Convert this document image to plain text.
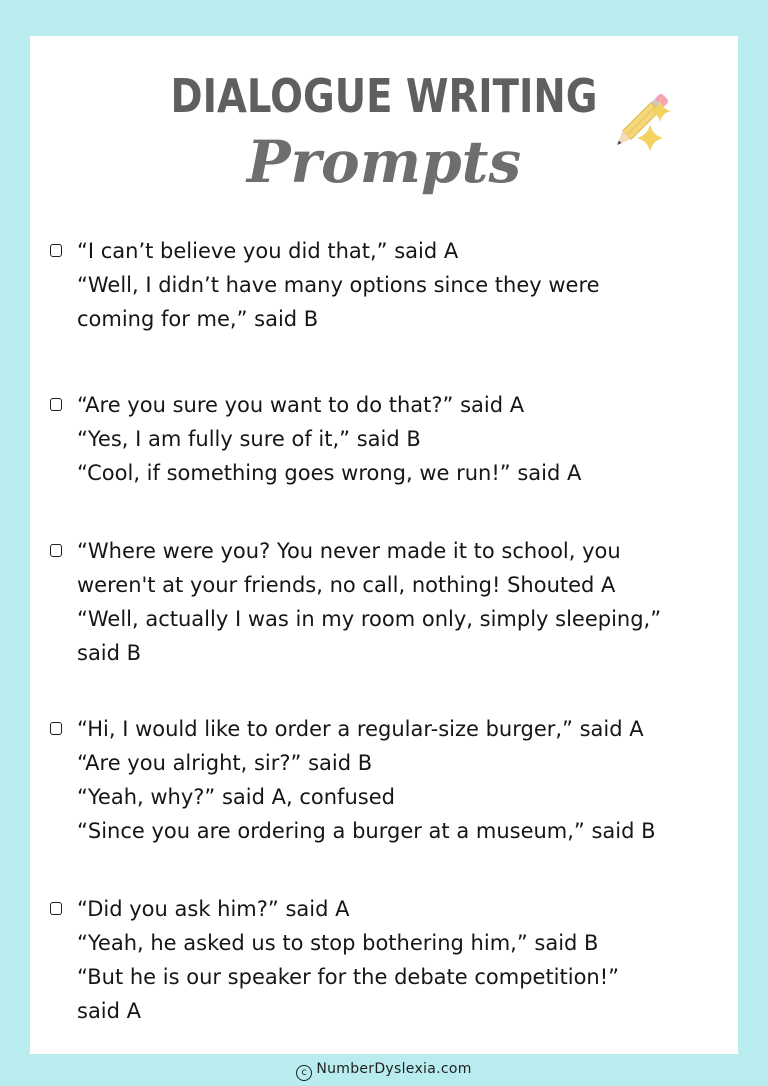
DIALOGUE WRITING
Prompts
“I can’t believe you did that,” said A
“Well, I didn’t have many options since they were
coming for me,” said B
“Are you sure you want to do that?” said A
“Yes, I am fully sure of it,” said B
“Cool, if something goes wrong, we run!” said A
“Where were you? You never made it to school, you
weren't at your friends, no call, nothing! Shouted A
“Well, actually I was in my room only, simply sleeping,”
said B
“Hi, I would like to order a regular-size burger,” said A
“Are you alright, sir?” said B
“Yeah, why?” said A, confused
“Since you are ordering a burger at a museum,” said B
“Did you ask him?” said A
“Yeah, he asked us to stop bothering him,” said B
“But he is our speaker for the debate competition!”
said A
c NumberDyslexia.com
